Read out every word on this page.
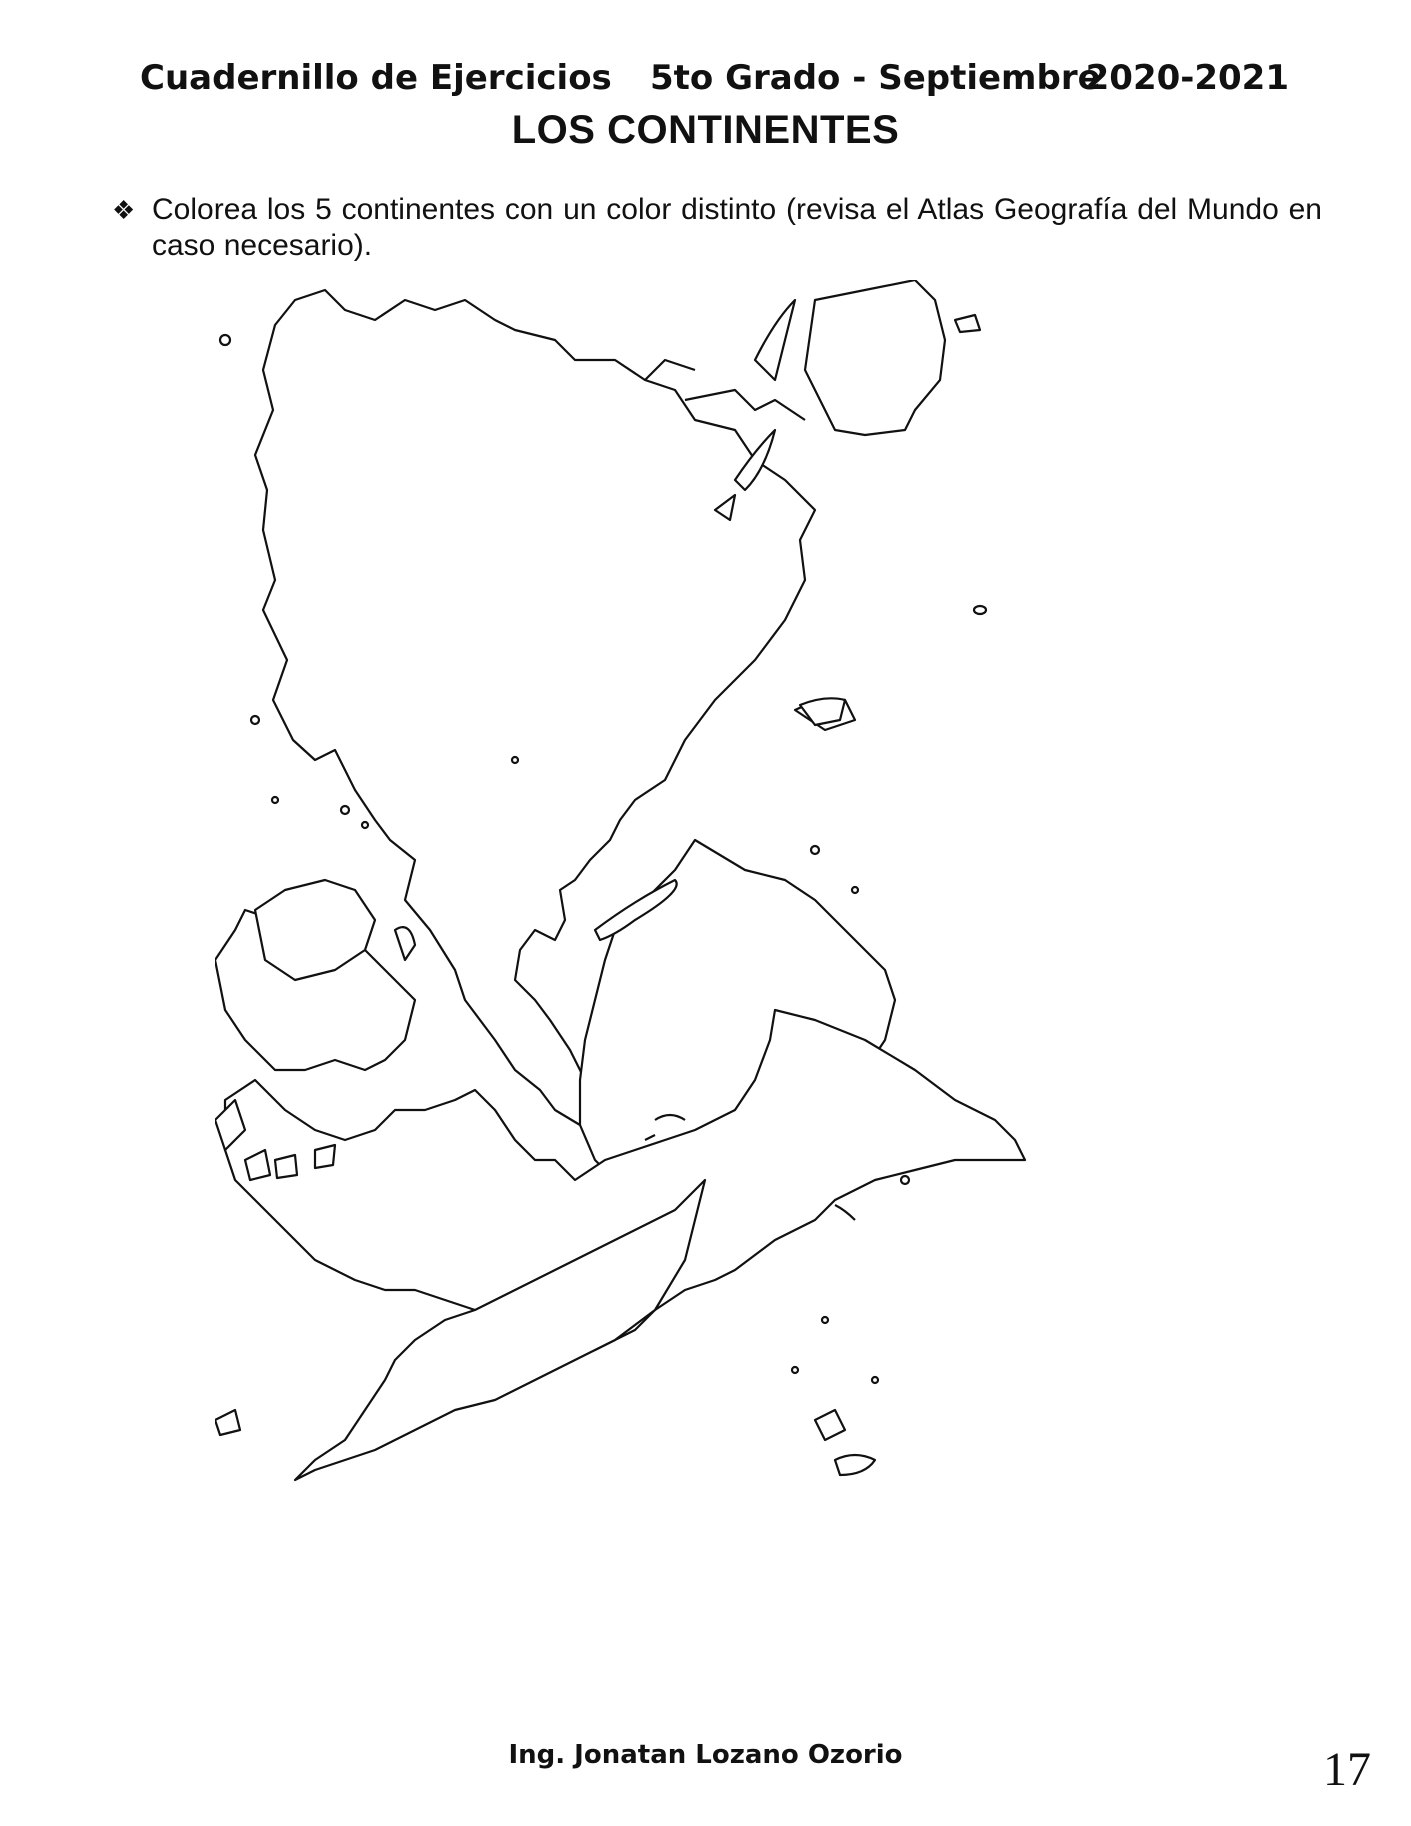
Cuadernillo de Ejercicios 5to Grado - Septiembre
2020-2021
LOS CONTINENTES
❖ Colorea los 5 continentes con un color distinto (revisa el Atlas Geografía del Mundo en caso necesario).
Ing. Jonatan Lozano Ozorio	17
